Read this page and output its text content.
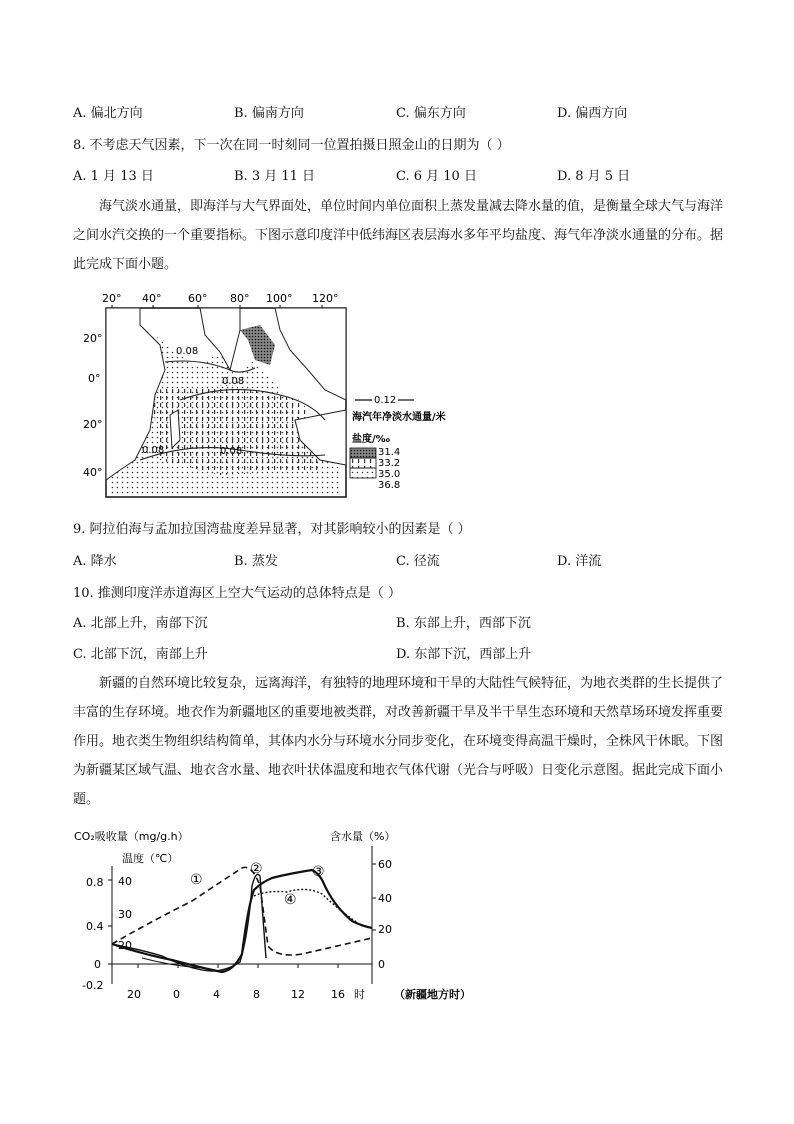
A. 偏北方向	B. 偏南方向	C. 偏东方向	D. 偏西方向
8. 不考虑天气因素，下一次在同一时刻同一位置拍摄日照金山的日期为（ ）
A. 1 月 13 日	B. 3 月 11 日	C. 6 月 10 日	D. 8 月 5 日
海气淡水通量，即海洋与大气界面处，单位时间内单位面积上蒸发量减去降水量的值，是衡量全球大气与海洋之间水汽交换的一个重要指标。下图示意印度洋中低纬海区表层海水多年平均盐度、海气年净淡水通量的分布。据此完成下面小题。
20° 40° 60° 80° 100° 120°
20°
0°
20°
40°
0.08
0.08
0.08	0.08
0.12
海汽年净淡水通量/米
盐度/‰
31.4
33.2
35.0
36.8
9. 阿拉伯海与孟加拉国湾盐度差异显著，对其影响较小的因素是（ ）
A. 降水	B. 蒸发	C. 径流	D. 洋流
10. 推测印度洋赤道海区上空大气运动的总体特点是（ ）
A. 北部上升，南部下沉	B. 东部上升，西部下沉
C. 北部下沉，南部上升	D. 东部下沉，西部上升
新疆的自然环境比较复杂，远离海洋，有独特的地理环境和干旱的大陆性气候特征，为地衣类群的生长提供了丰富的生存环境。地衣作为新疆地区的重要地被类群，对改善新疆干旱及半干旱生态环境和天然草场环境发挥重要作用。地衣类生物组织结构简单，其体内水分与环境水分同步变化，在环境变得高温干燥时，全株风干休眠。下图为新疆某区域气温、地衣含水量、地衣叶状体温度和地衣气体代谢（光合与呼吸）日变化示意图。据此完成下面小题。
CO₂吸收量（mg/g.h）
温度（℃）
含水量（%）
0.8
0.4
0
-0.2
40
30
20
60
40
20
0
20	0	4	8	12 16 时	（新疆地方时）
①
②	③
④
